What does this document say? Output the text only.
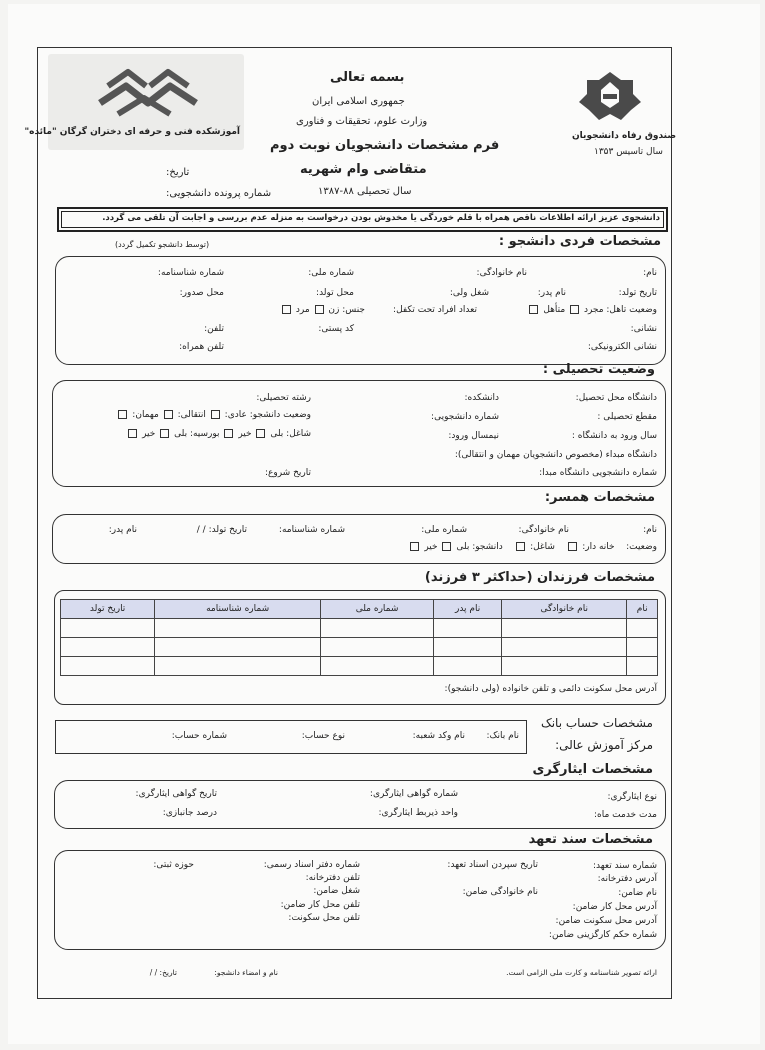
آموزشکده فنی و حرفه ای دختران گرگان "مائده"	صندوق رفاه دانشجویان
سال تاسیس ۱۳۵۳
بسمه تعالی
جمهوری اسلامی ایران
وزارت علوم، تحقیقات و فناوری
فرم مشخصات دانشجویان نوبت دوم
متقاضی وام شهریه
سال تحصیلی ۸۸-۱۳۸۷
تاریخ:
شماره پرونده دانشجویی:
دانشجوی عزیز ارائه اطلاعات ناقص همراه با قلم خوردگی یا مخدوش بودن درخواست به منزله عدم بررسی و اجابت آن تلقی می گردد.
مشخصات فردی دانشجو :
(توسط دانشجو تکمیل گردد)
نام:
نام خانوادگی:
شماره ملی:
شماره شناسنامه:
تاریخ تولد:
نام پدر:
شغل ولی:
محل تولد:
محل صدور:
وضعیت تاهل: مجرد  متأهل
تعداد افراد تحت تکفل:
جنس: زن  مرد
نشانی:
کد پستی:
تلفن:
نشانی الکترونیکی:
تلفن همراه:
وضعیت تحصیلی :
دانشگاه محل تحصیل:
دانشکده:
رشته تحصیلی:
مقطع تحصیلی :
شماره دانشجویی:
وضعیت دانشجو: عادی:  انتقالی:  مهمان:
سال ورود به دانشگاه :
نیمسال ورود:
شاغل: بلی  خیر  بورسیه: بلی  خیر
دانشگاه مبداء (مخصوص دانشجویان مهمان و انتقالی):
شماره دانشجویی دانشگاه مبدا:
تاریخ شروع:
مشخصات همسر:
نام:
نام خانوادگی:
شماره ملی:
شماره شناسنامه:
تاریخ تولد: / /
نام پدر:
وضعیت:    خانه دار:     شاغل:     دانشجو: بلی  خیر
مشخصات فرزندان (حداکثر ۳ فرزند)
نام	نام خانوادگی	نام پدر	شماره ملی	شماره شناسنامه	تاریخ تولد

آدرس محل سکونت دائمی و تلفن خانواده (ولی دانشجو):
مشخصات حساب بانک
مرکز آموزش عالی:
نام بانک:
نام وکد شعبه:
نوع حساب:
شماره حساب:
مشخصات ایثارگری
نوع ایثارگری:
شماره گواهی ایثارگری:
تاریخ گواهی ایثارگری:
مدت خدمت ماه:
واحد ذیربط ایثارگری:
درصد جانبازی:
مشخصات سند تعهد
شماره سند تعهد:
تاریخ سپردن اسناد تعهد:
شماره دفتر اسناد رسمی:
حوزه ثبتی:
آدرس دفترخانه:
تلفن دفترخانه:
نام ضامن:
نام خانوادگی ضامن:
شغل ضامن:
آدرس محل کار ضامن:
تلفن محل کار ضامن:
آدرس محل سکونت ضامن:
تلفن محل سکونت:
شماره حکم کارگزینی ضامن:
ارائه تصویر شناسنامه و کارت ملی الزامی است.
نام و امضاء دانشجو:
تاریخ: / /
